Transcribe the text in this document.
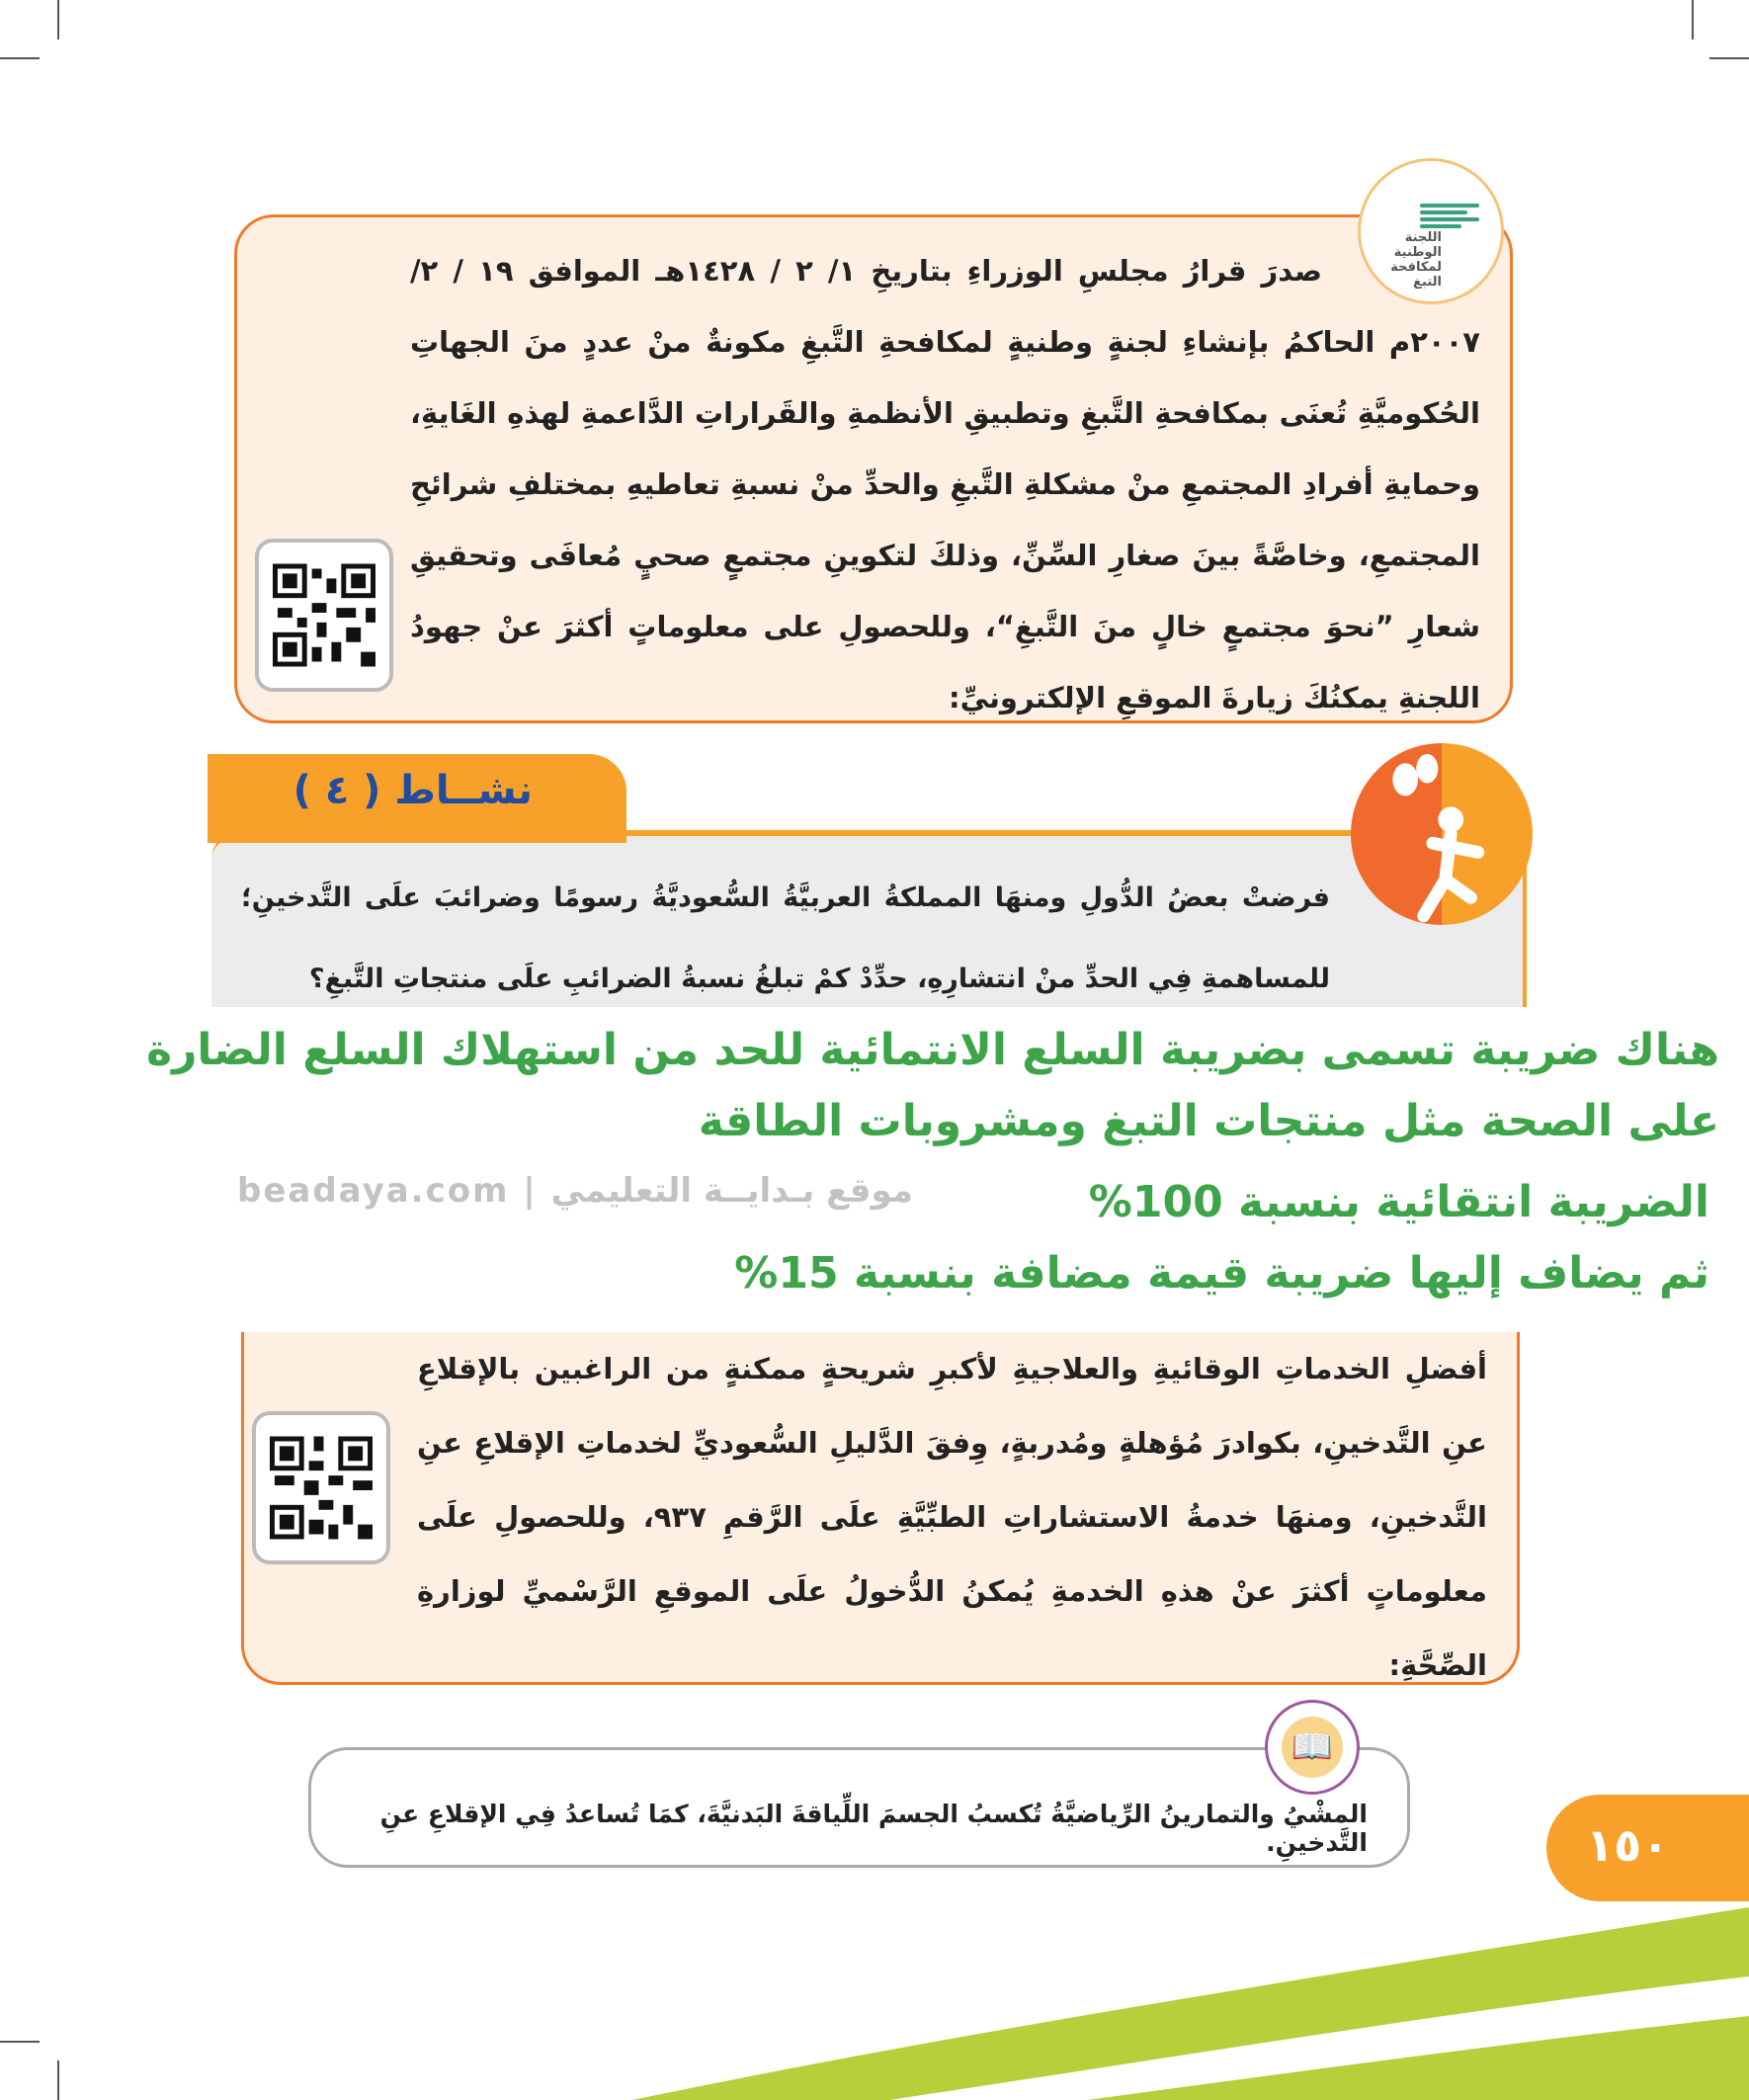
صدرَ قرارُ مجلسِ الوزراءِ بتاريخِ ١/ ٢ / ١٤٢٨هـ الموافق ١٩ / ٢/ ٢٠٠٧م الحاكمُ بإنشاءِ لجنةٍ وطنيةٍ لمكافحةِ التَّبغِ مكونةٌ منْ عددٍ منَ الجهاتِ الحُكوميَّةِ تُعنَى بمكافحةِ التَّبغِ وتطبيقِ الأنظمةِ والقَراراتِ الدَّاعمةِ لهذهِ الغَايةِ، وحمايةِ أفرادِ المجتمعِ منْ مشكلةِ التَّبغِ والحدِّ منْ نسبةِ تعاطيهِ بمختلفِ شرائحِ المجتمعِ، وخاصَّةً بينَ صغارِ السِّنِّ، وذلكَ لتكوينِ مجتمعٍ صحيٍ مُعافَى وتحقيقِ شعارِ ”نحوَ مجتمعٍ خالٍ منَ التَّبغِ“، وللحصولِ على معلوماتٍ أكثرَ عنْ جهودُ اللجنةِ يمكنُكَ زيارةَ الموقعِ الإلكترونيِّ:

اللجنة الوطنية لمكافحة التبغ

فرضتْ بعضُ الدُّولِ ومنهَا المملكةُ العربيَّةُ السُّعوديَّةُ رسومًا وضرائبَ علَى التَّدخينِ؛ للمساهمةِ فِي الحدِّ منْ انتشارِهِ، حدِّدْ كمْ تبلغُ نسبةُ الضرائبِ علَى منتجاتِ التَّبغِ؟

نشــاط ( ٤ )
هناك ضريبة تسمى بضريبة السلع الانتمائية للحد من استهلاك السلع الضارة
على الصحة مثل منتجات التبغ ومشروبات الطاقة
الضريبة انتقائية بنسبة 100%
ثم يضاف إليها ضريبة قيمة مضافة بنسبة 15%
beadaya.com | موقع بـدايــة التعليمي

أفضلِ الخدماتِ الوقائيةِ والعلاجيةِ لأكبرِ شريحةٍ ممكنةٍ من الراغبين بالإقلاعِ عنِ التَّدخينِ، بكوادرَ مُؤهلةٍ ومُدربةٍ، وِفقَ الدَّليلِ السُّعوديِّ لخدماتِ الإقلاعِ عنِ التَّدخينِ، ومنهَا خدمةُ الاستشاراتِ الطبِّيَّةِ علَى الرَّقمِ ٩٣٧، وللحصولِ علَى معلوماتٍ أكثرَ عنْ هذهِ الخدمةِ يُمكنُ الدُّخولُ علَى الموقعِ الرَّسْميِّ لوزارةِ الصِّحَّةِ:

المشْيُ والتمارينُ الرِّياضيَّةُ تُكسبُ الجسمَ اللِّياقةَ البَدنيَّةَ، كمَا تُساعدُ فِي الإقلاعِ عنِ التَّدخينِ.
📖
١٥٠
